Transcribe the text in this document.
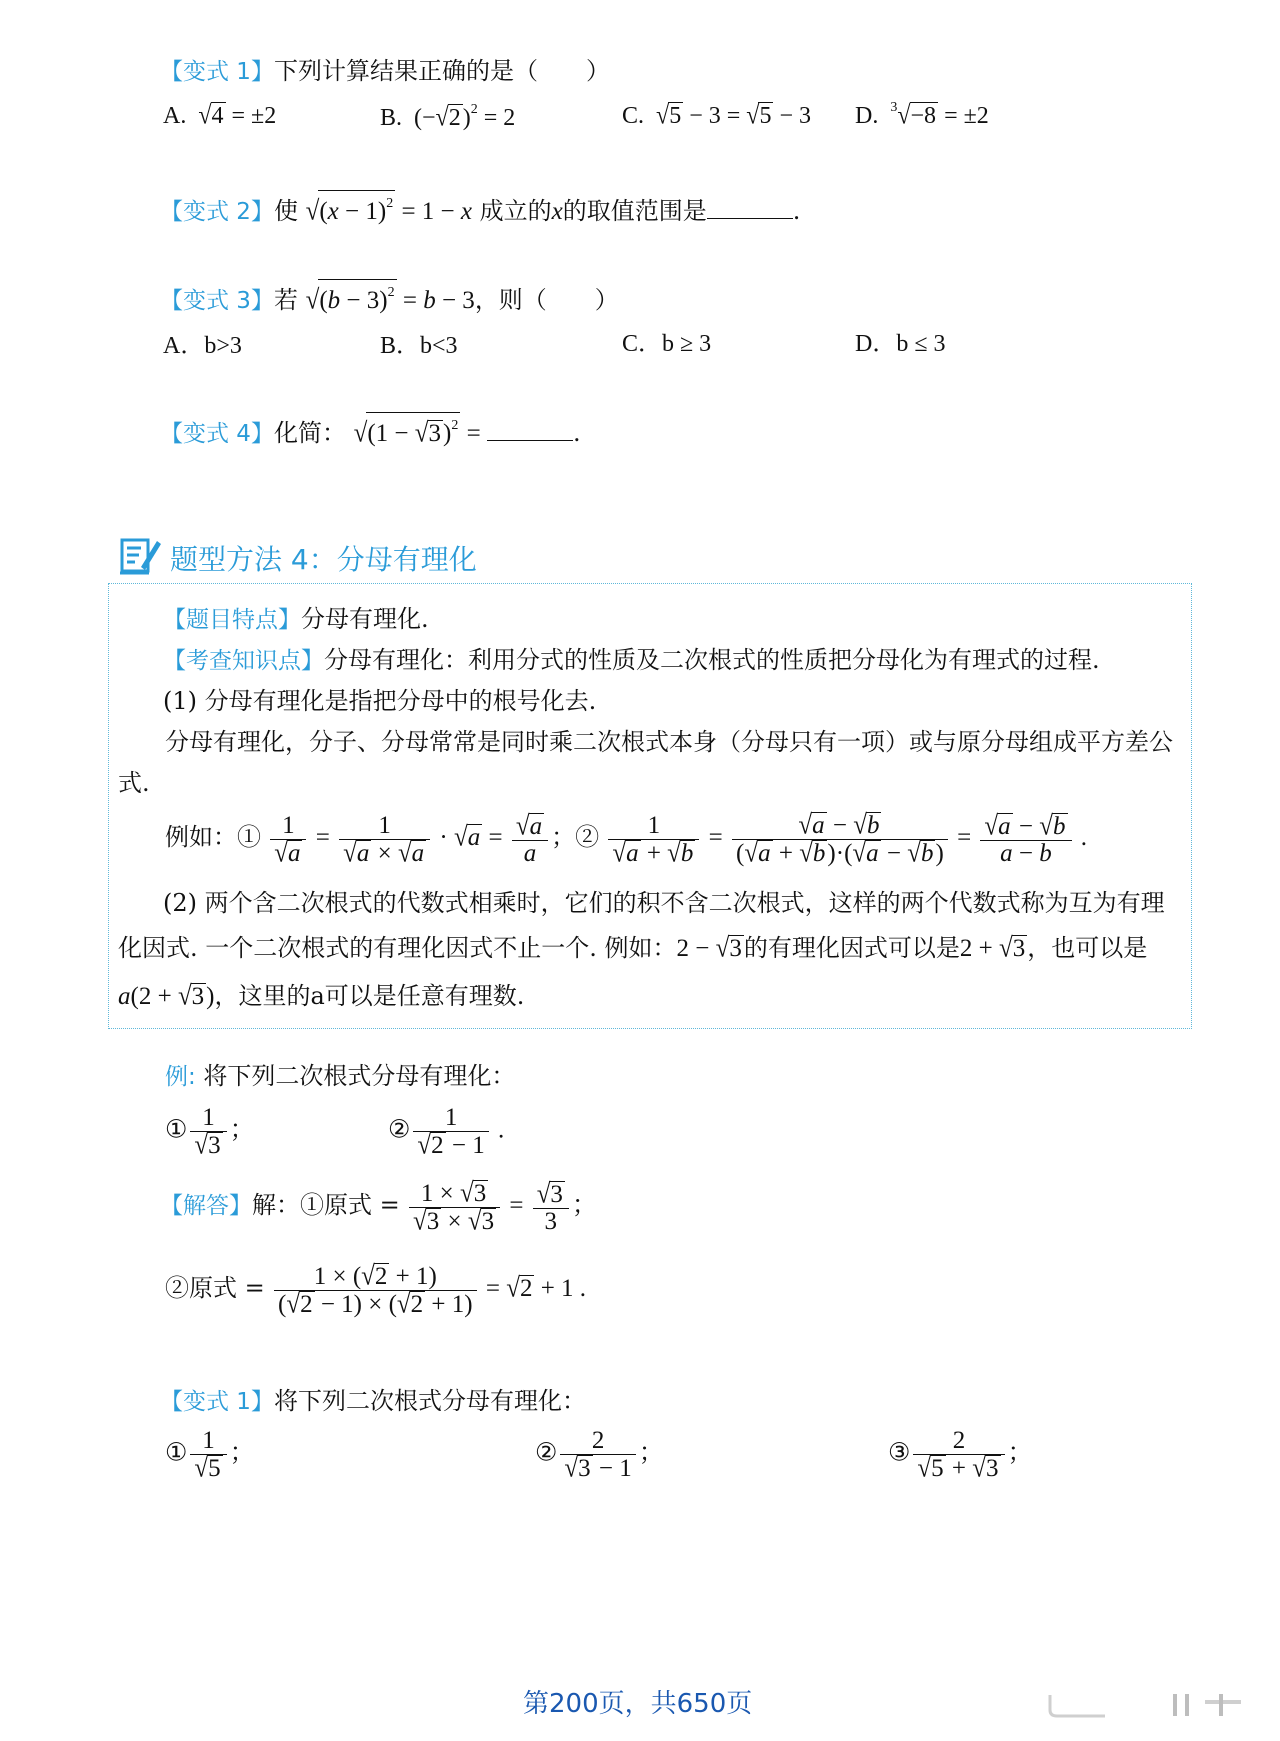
【变式 1】下列计算结果正确的是（　　）
A. √4 = ±2	B.  $(-√2)^2 = 2$	C. √5 − 3 = √5 − 3 D. $^3$√−8 = ±2
【变式 2】使 $√(x - 1)^2 = 1 - x$ 成立的x的取值范围是	.
【变式 3】若 $√(b - 3)^2 = b - 3$，则（　　）
A．b>3	B．b<3	C．b ≥ 3	D．b ≤ 3
【变式 4】化简： $√(1 - √3)^2$ =	.
题型方法 4：分母有理化
【题目特点】分母有理化.
【考查知识点】分母有理化：利用分式的性质及二次根式的性质把分母化为有理式的过程.
(1) 分母有理化是指把分母中的根号化去.
分母有理化，分子、分母常常是同时乘二次根式本身（分母只有一项）或与原分母组成平方差公
式.
例如：① $\frac{1}{√a} = \frac{1}{√a \times √a} \cdot √a = \frac{√a}{a}$ ；② $\frac{1}{√a + √b} = \frac{√a - √b}{(√a + √b)\cdot(√a - √b)} = \frac{√a - √b}{a - b}$ .
(2) 两个含二次根式的代数式相乘时，它们的积不含二次根式，这样的两个代数式称为互为有理
化因式. 一个二次根式的有理化因式不止一个. 例如：2 − √3的有理化因式可以是2 + √3，也可以是
a(2 + √3)，这里的a可以是任意有理数.
例: 将下列二次根式分母有理化：
① $\frac{1}{√3}$ ；	② $\frac{1}{√2 - 1}$ .
【解答】解：①原式 = $\frac{1 \times √3}{√3 \times √3} = \frac{√3}{3}$ ；
②原式 = $\frac{1 \times (√2 + 1)}{(√2 - 1) \times (√2 + 1)} = √2 + 1$ .
【变式 1】将下列二次根式分母有理化：
① $\frac{1}{√5}$ ；	② $\frac{2}{√3 - 1}$ ；	③ $\frac{2}{√5 + √3}$ ；
第200页，共650页
